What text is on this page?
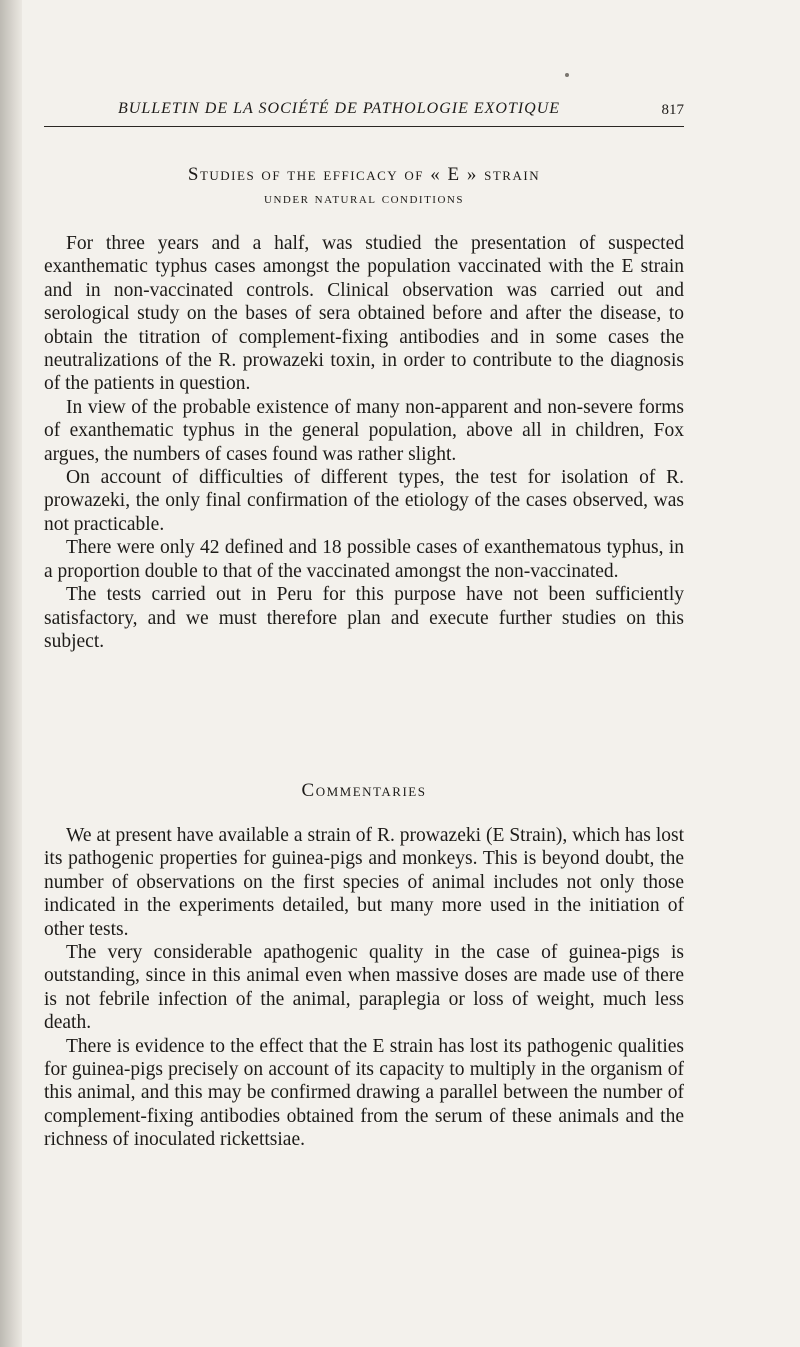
BULLETIN DE LA SOCIÉTÉ DE PATHOLOGIE EXOTIQUE	817
Studies of the efficacy of « E » strain
under natural conditions

For three years and a half, was studied the presentation of suspected exanthematic typhus cases amongst the population vaccinated with the E strain and in non-vaccinated controls. Clinical observation was carried out and serological study on the bases of sera obtained before and after the disease, to obtain the titration of complement-fixing antibodies and in some cases the neutralizations of the R. prowazeki toxin, in order to contribute to the diagnosis of the patients in question.

In view of the probable existence of many non-apparent and non-severe forms of exanthematic typhus in the general population, above all in children, Fox argues, the numbers of cases found was rather slight.

On account of difficulties of different types, the test for isolation of R. prowazeki, the only final confirmation of the etiology of the cases observed, was not practicable.

There were only 42 defined and 18 possible cases of exanthematous typhus, in a proportion double to that of the vaccinated amongst the non-vaccinated.

The tests carried out in Peru for this purpose have not been sufficiently satisfactory, and we must therefore plan and execute further studies on this subject.

Commentaries

We at present have available a strain of R. prowazeki (E Strain), which has lost its pathogenic properties for guinea-pigs and monkeys. This is beyond doubt, the number of observations on the first species of animal includes not only those indicated in the experiments detailed, but many more used in the initiation of other tests.

The very considerable apathogenic quality in the case of guinea-pigs is outstanding, since in this animal even when massive doses are made use of there is not febrile infection of the animal, paraplegia or loss of weight, much less death.

There is evidence to the effect that the E strain has lost its pathogenic qualities for guinea-pigs precisely on account of its capacity to multiply in the organism of this animal, and this may be confirmed drawing a parallel between the number of complement-fixing antibodies obtained from the serum of these animals and the richness of inoculated rickettsiae.
